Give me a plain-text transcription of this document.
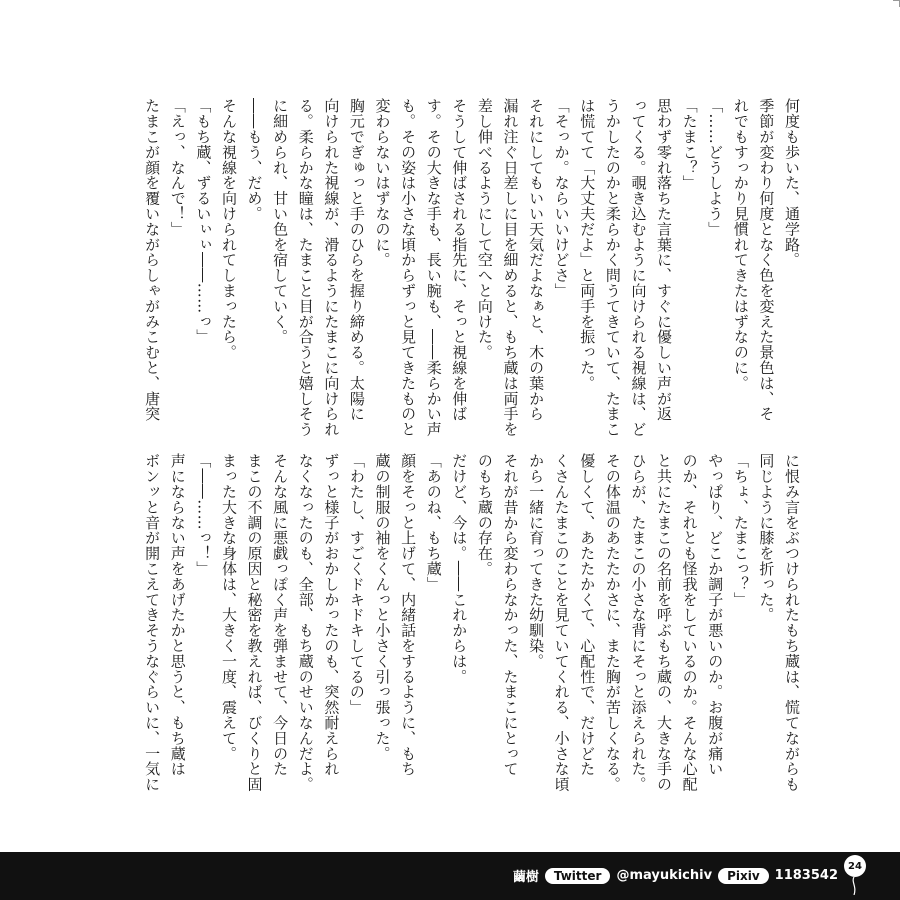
何度も歩いた、通学路。
季節が変わり何度となく色を変えた景色は、そ
れでもすっかり見慣れてきたはずなのに。
「……どうしよう」
「たまこ？」
思わず零れ落ちた言葉に、すぐに優しい声が返
ってくる。覗き込むように向けられる視線は、ど
うかしたのかと柔らかく問うてきていて、たまこ
は慌てて「大丈夫だよ」と両手を振った。
「そっか。ならいいけどさ」
それにしてもいい天気だよなぁと、木の葉から
漏れ注ぐ日差しに目を細めると、もち蔵は両手を
差し伸べるようにして空へと向けた。
そうして伸ばされる指先に、そっと視線を伸ば
す。その大きな手も、長い腕も、――柔らかい声
も。その姿は小さな頃からずっと見てきたものと
変わらないはずなのに。
胸元でぎゅっと手のひらを握り締める。太陽に
向けられた視線が、滑るようにたまこに向けられ
る。柔らかな瞳は、たまこと目が合うと嬉しそう
に細められ、甘い色を宿していく。
――もう、だめ。
そんな視線を向けられてしまったら。
「もち蔵、ずるいぃぃ――……っ」
「えっ、なんで！」
たまこが顔を覆いながらしゃがみこむと、唐突
に恨み言をぶつけられたもち蔵は、慌てながらも
同じように膝を折った。
「ちょ、たまこっ？」
やっぱり、どこか調子が悪いのか。お腹が痛い
のか、それとも怪我をしているのか。そんな心配
と共にたまこの名前を呼ぶもち蔵の、大きな手の
ひらが、たまこの小さな背にそっと添えられた。
その体温のあたたかさに、また胸が苦しくなる。
優しくて、あたたかくて、心配性で、だけどた
くさんたまこのことを見ていてくれる、小さな頃
から一緒に育ってきた幼馴染。
それが昔から変わらなかった、たまこにとって
のもち蔵の存在。
だけど、今は。――これからは。
「あのね、もち蔵」
顔をそっと上げて、内緒話をするように、もち
蔵の制服の袖をくんっと小さく引っ張った。
「わたし、すごくドキドキしてるの」
ずっと様子がおかしかったのも、突然耐えられ
なくなったのも、全部、もち蔵のせいなんだよ。
そんな風に悪戯っぽく声を弾ませて、今日のた
まこの不調の原因と秘密を教えれば、びくりと固
まった大きな身体は、大きく一度、震えて。
「――……っ！」
声にならない声をあげたかと思うと、もち蔵は
ボンッと音が開こえてきそうなぐらいに、一気に
繭樹	Twitter	@mayukichiv	Pixiv	1183542
24
